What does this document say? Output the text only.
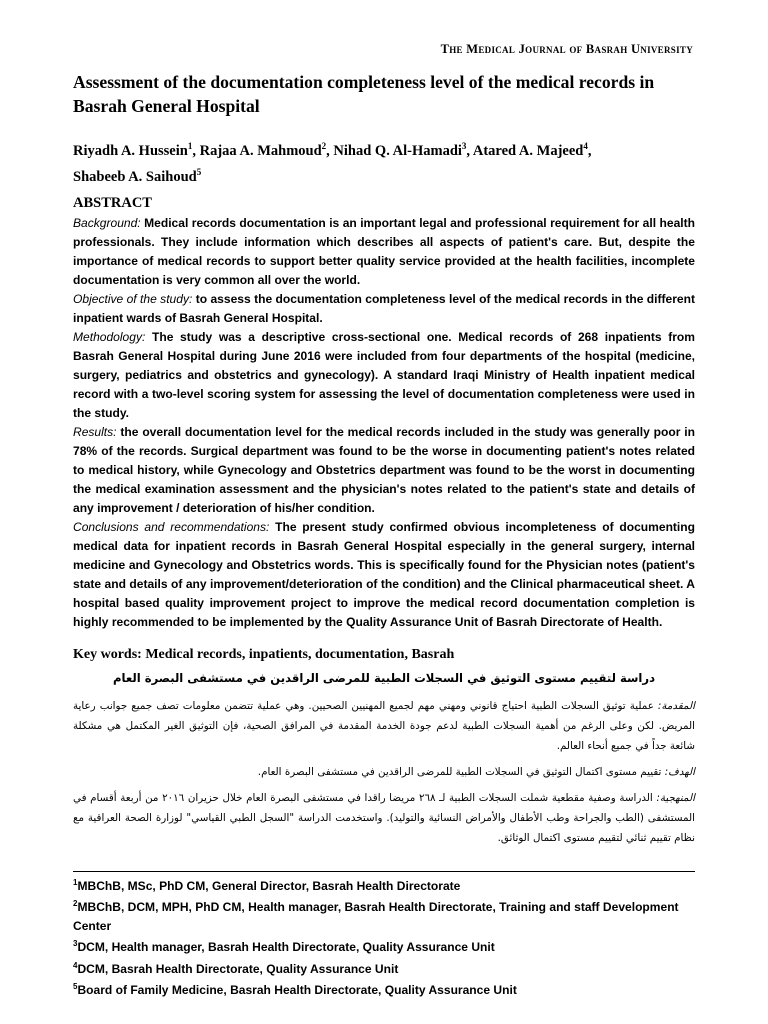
The Medical Journal of Basrah University
Assessment of the documentation completeness level of the medical records in Basrah General Hospital

Riyadh A. Hussein$^1$, Rajaa A. Mahmoud$^2$, Nihad Q. Al-Hamadi$^3$, Atared A. Majeed$^4$,
Shabeeb A. Saihoud$^5$

ABSTRACT

Background: Medical records documentation is an important legal and professional requirement for all health professionals. They include information which describes all aspects of patient's care. But, despite the importance of medical records to support better quality service provided at the health facilities, incomplete documentation is very common all over the world.

Objective of the study: to assess the documentation completeness level of the medical records in the different inpatient wards of Basrah General Hospital.

Methodology: The study was a descriptive cross-sectional one. Medical records of 268 inpatients from Basrah General Hospital during June 2016 were included from four departments of the hospital (medicine, surgery, pediatrics and obstetrics and gynecology). A standard Iraqi Ministry of Health inpatient medical record with a two-level scoring system for assessing the level of documentation completeness were used in the study.

Results: the overall documentation level for the medical records included in the study was generally poor in 78% of the records. Surgical department was found to be the worse in documenting patient's notes related to medical history, while Gynecology and Obstetrics department was found to be the worst in documenting the medical examination assessment and the physician's notes related to the patient's state and details of any improvement / deterioration of his/her condition.

Conclusions and recommendations: The present study confirmed obvious incompleteness of documenting medical data for inpatient records in Basrah General Hospital especially in the general surgery, internal medicine and Gynecology and Obstetrics words. This is specifically found for the Physician notes (patient's state and details of any improvement/deterioration of the condition) and the Clinical pharmaceutical sheet. A hospital based quality improvement project to improve the medical record documentation completion is highly recommended to be implemented by the Quality Assurance Unit of Basrah Directorate of Health.

Key words: Medical records, inpatients, documentation, Basrah

دراسة لتقييم مستوى التوثيق في السجلات الطبية للمرضى الراقدين في مستشفى البصرة العام

المقدمة: عملية توثيق السجلات الطبية احتياج قانوني ومهني مهم لجميع المهنيين الصحيين. وهي عملية تتضمن معلومات تصف جميع جوانب رعاية المريض. لكن وعلى الرغم من أهمية السجلات الطبية لدعم جودة الخدمة المقدمة في المرافق الصحية، فإن التوثيق الغير المكتمل هي مشكلة شائعة جداً في جميع أنحاء العالم.

الهدف: تقييم مستوى اكتمال التوثيق في السجلات الطبية للمرضى الراقدين في مستشفى البصرة العام.

المنهجية: الدراسة وصفية مقطعية شملت السجلات الطبية لـ ٢٦٨ مريضا راقدا في مستشفى البصرة العام خلال حزيران ٢٠١٦ من أربعة أقسام في المستشفى (الطب والجراحة وطب الأطفال والأمراض النسائية والتوليد). واستخدمت الدراسة "السجل الطبي القياسي" لوزارة الصحة العراقية مع نظام تقييم ثنائي لتقييم مستوى اكتمال الوثائق.

$^1$MBChB, MSc, PhD CM, General Director, Basrah Health Directorate

$^2$MBChB, DCM, MPH, PhD CM, Health manager, Basrah Health Directorate, Training and staff Development Center

$^3$DCM, Health manager, Basrah Health Directorate, Quality Assurance Unit

$^4$DCM, Basrah Health Directorate, Quality Assurance Unit

$^5$Board of Family Medicine, Basrah Health Directorate, Quality Assurance Unit
